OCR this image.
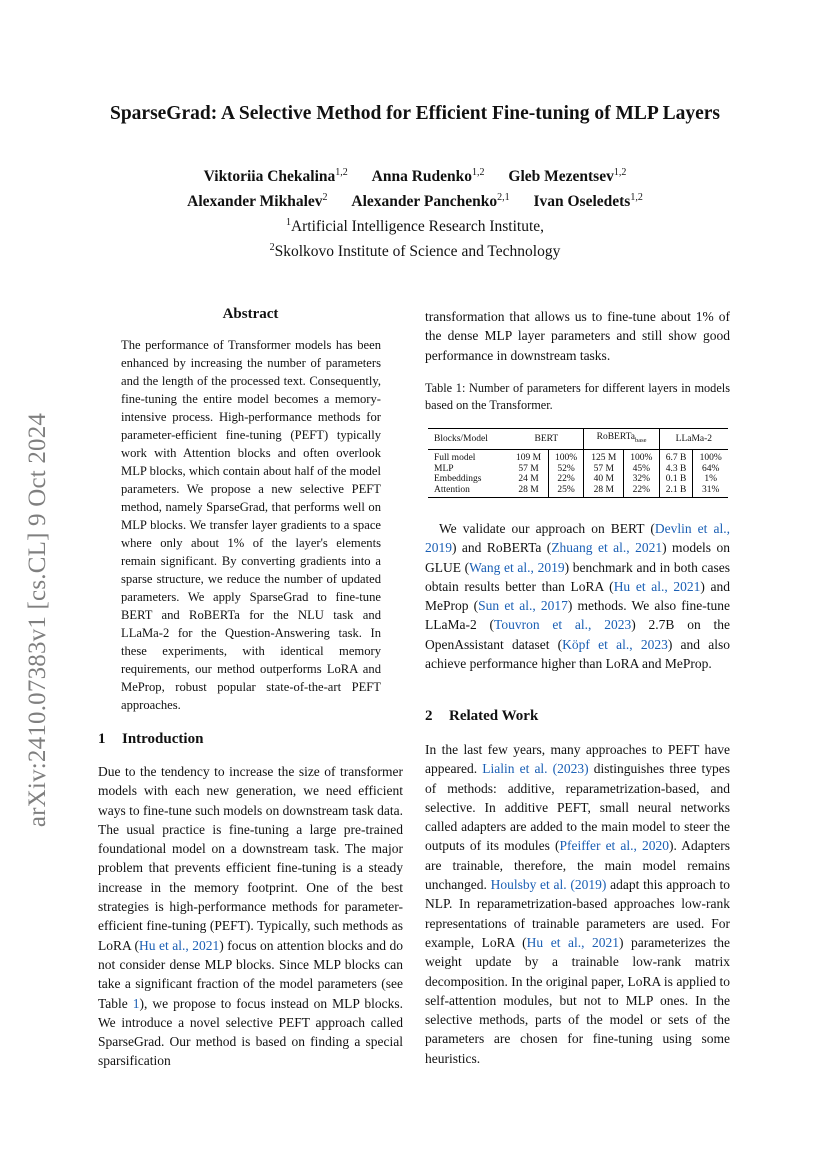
arXiv:2410.07383v1 [cs.CL] 9 Oct 2024
SparseGrad: A Selective Method for Efficient Fine-tuning of MLP Layers
Viktoriia Chekalina$^{1,2}$ Anna Rudenko$^{1,2}$ Gleb Mezentsev$^{1,2}$
Alexander Mikhalev$^2$ Alexander Panchenko$^{2,1}$ Ivan Oseledets$^{1,2}$
$^1$Artificial Intelligence Research Institute,
$^2$Skolkovo Institute of Science and Technology
Abstract
The performance of Transformer models has been enhanced by increasing the number of parameters and the length of the processed text. Consequently, fine-tuning the entire model becomes a memory-intensive process. High-performance methods for parameter-efficient fine-tuning (PEFT) typically work with Attention blocks and often overlook MLP blocks, which contain about half of the model parameters. We propose a new selective PEFT method, namely SparseGrad, that performs well on MLP blocks. We transfer layer gradients to a space where only about 1% of the layer's elements remain significant. By converting gradients into a sparse structure, we reduce the number of updated parameters. We apply SparseGrad to fine-tune BERT and RoBERTa for the NLU task and LLaMa-2 for the Question-Answering task. In these experiments, with identical memory requirements, our method outperforms LoRA and MeProp, robust popular state-of-the-art PEFT approaches.
1 Introduction

Due to the tendency to increase the size of transformer models with each new generation, we need efficient ways to fine-tune such models on downstream task data. The usual practice is fine-tuning a large pre-trained foundational model on a downstream task. The major problem that prevents efficient fine-tuning is a steady increase in the memory footprint. One of the best strategies is high-performance methods for parameter-efficient fine-tuning (PEFT). Typically, such methods as LoRA (Hu et al., 2021) focus on attention blocks and do not consider dense MLP blocks. Since MLP blocks can take a significant fraction of the model parameters (see Table 1), we propose to focus instead on MLP blocks. We introduce a novel selective PEFT approach called SparseGrad. Our method is based on finding a special sparsification

transformation that allows us to fine-tune about 1% of the dense MLP layer parameters and still show good performance in downstream tasks.

Table 1: Number of parameters for different layers in models based on the Transformer.
Blocks/Model	BERT		RoBERTa$_{base}$		LLaMa-2	
Full model	109 M	100%	125 M	100%	6.7 B	100%
MLP	57 M	52%	57 M	45%	4.3 B	64%
Embeddings	24 M	22%	40 M	32%	0.1 B	1%
Attention	28 M	25%	28 M	22%	2.1 B	31%

We validate our approach on BERT (Devlin et al., 2019) and RoBERTa (Zhuang et al., 2021) models on GLUE (Wang et al., 2019) benchmark and in both cases obtain results better than LoRA (Hu et al., 2021) and MeProp (Sun et al., 2017) methods. We also fine-tune LLaMa-2 (Touvron et al., 2023) 2.7B on the OpenAssistant dataset (Köpf et al., 2023) and also achieve performance higher than LoRA and MeProp.

2 Related Work

In the last few years, many approaches to PEFT have appeared. Lialin et al. (2023) distinguishes three types of methods: additive, reparametrization-based, and selective. In additive PEFT, small neural networks called adapters are added to the main model to steer the outputs of its modules (Pfeiffer et al., 2020). Adapters are trainable, therefore, the main model remains unchanged. Houlsby et al. (2019) adapt this approach to NLP. In reparametrization-based approaches low-rank representations of trainable parameters are used. For example, LoRA (Hu et al., 2021) parameterizes the weight update by a trainable low-rank matrix decomposition. In the original paper, LoRA is applied to self-attention modules, but not to MLP ones. In the selective methods, parts of the model or sets of the parameters are chosen for fine-tuning using some heuristics.
